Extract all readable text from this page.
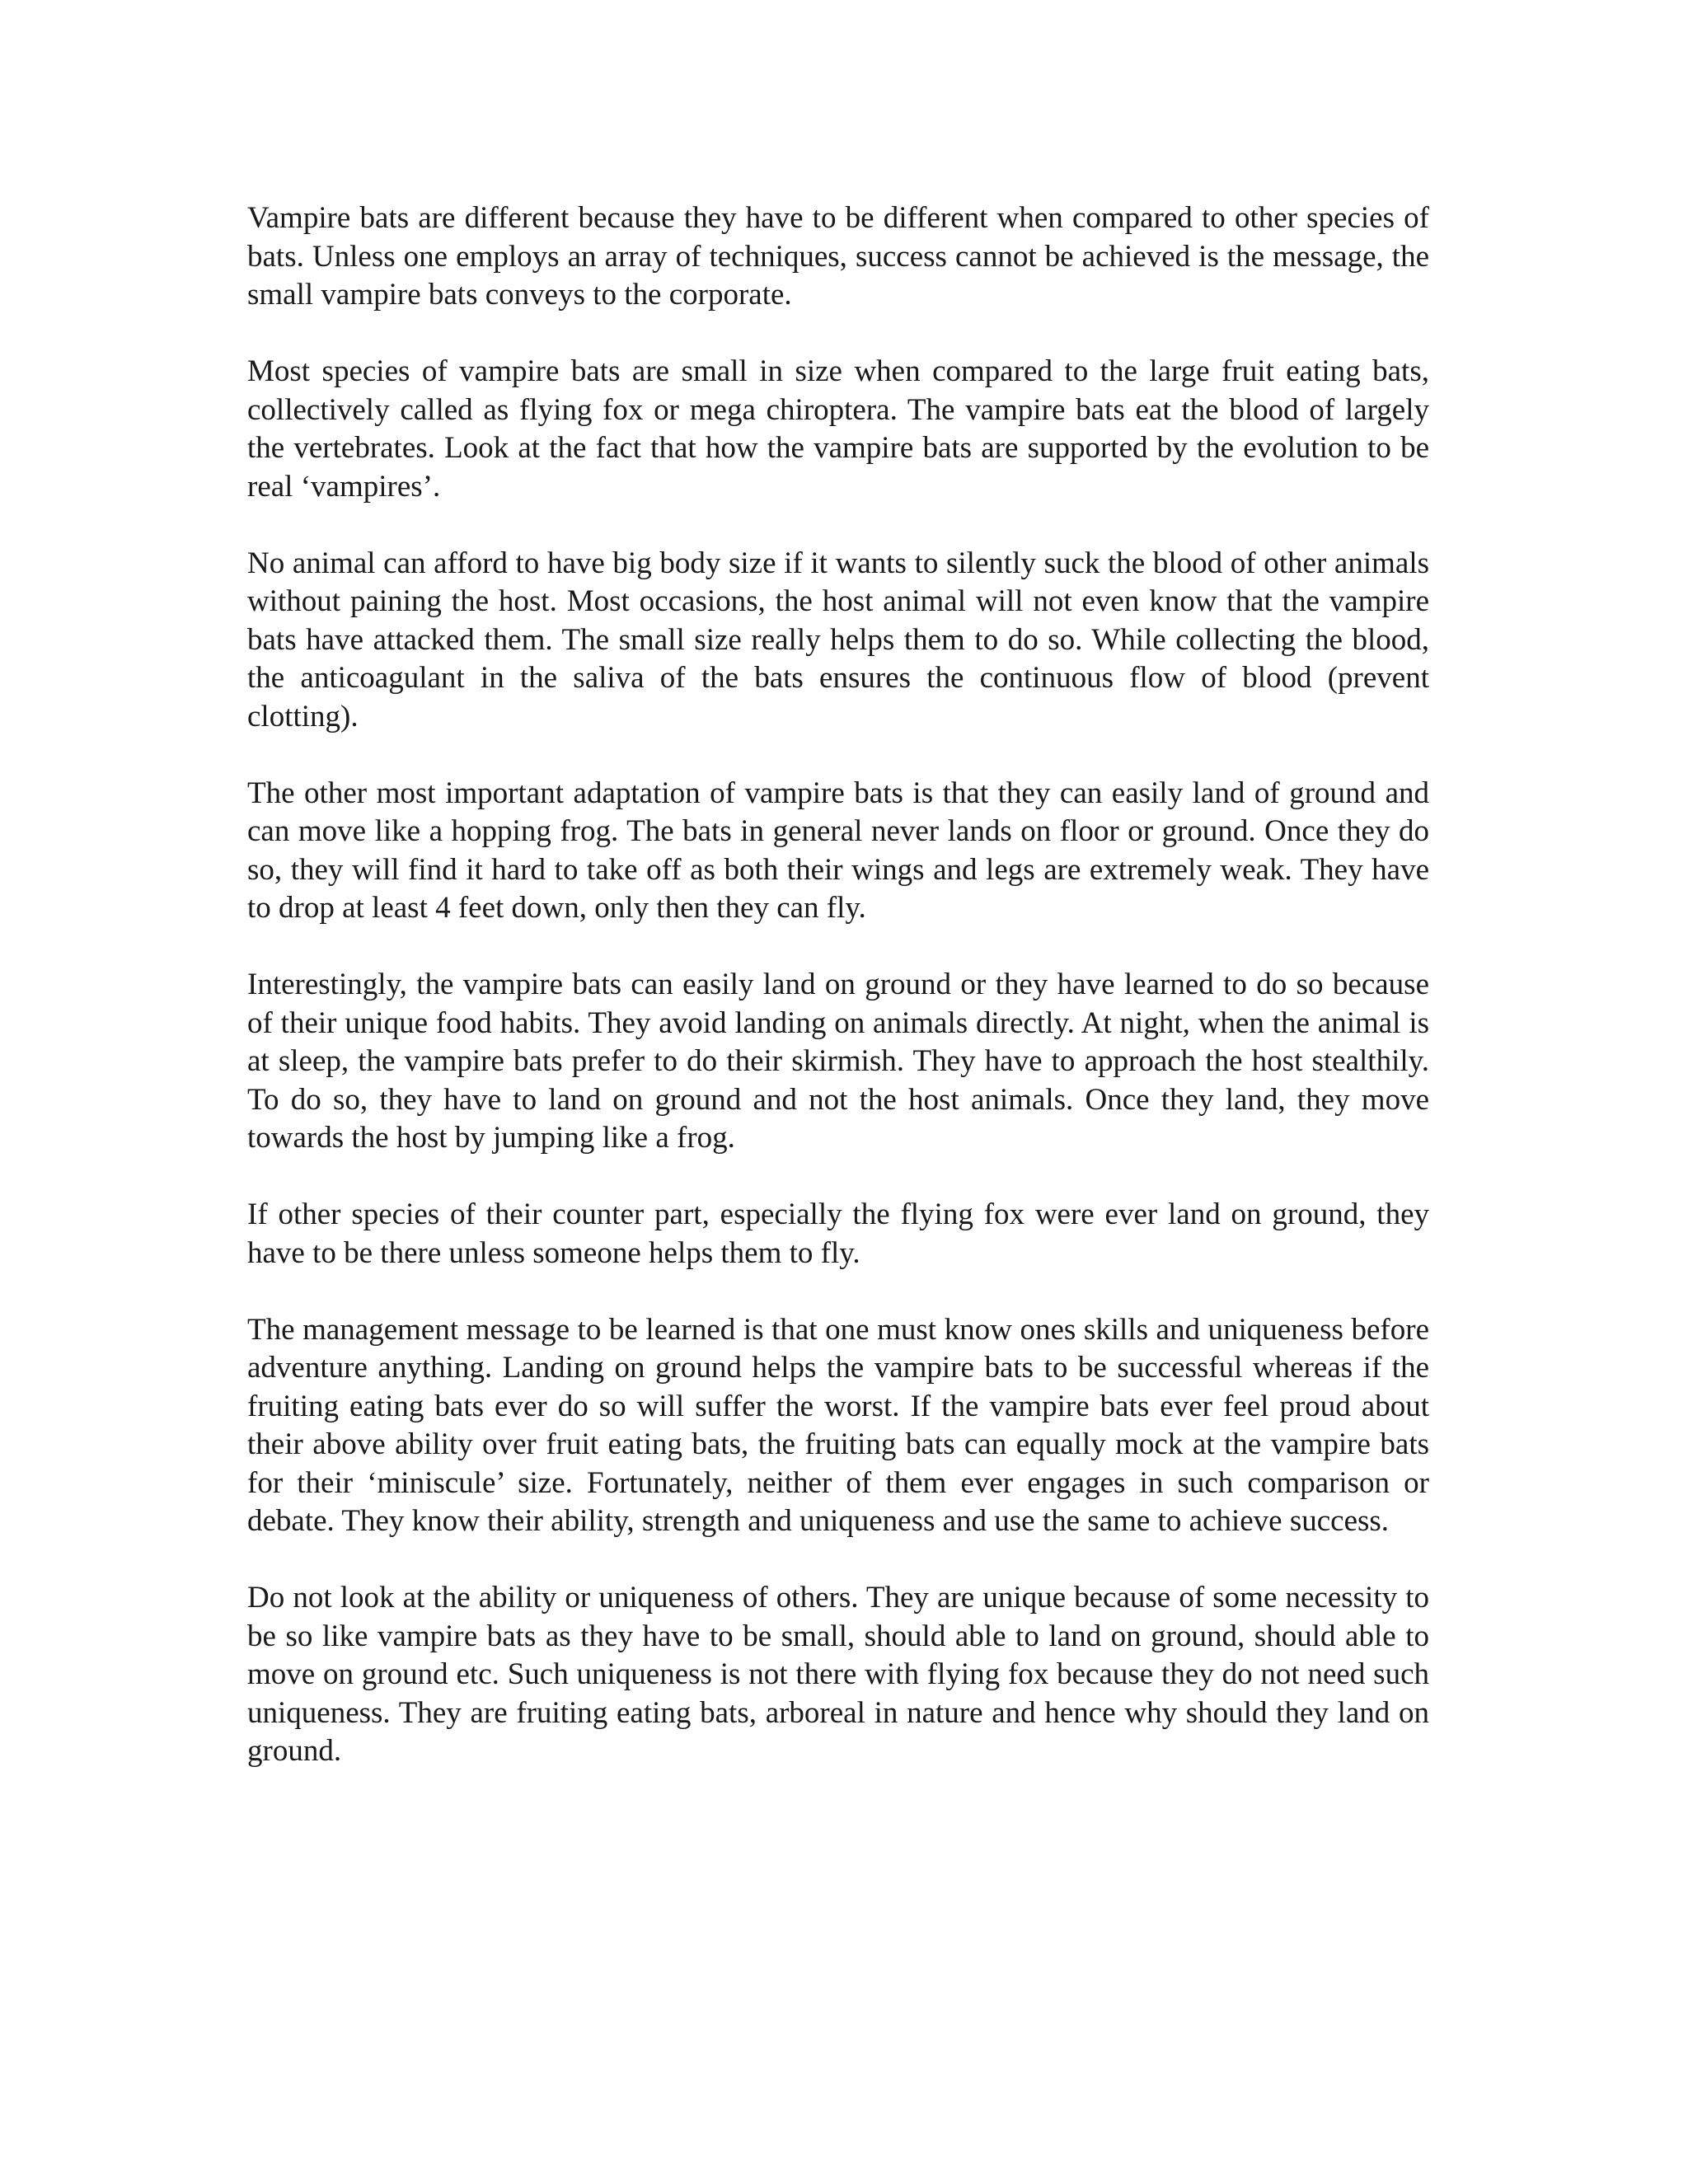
Vampire bats are different because they have to be different when compared to other species of bats. Unless one employs an array of techniques, success cannot be achieved is the message, the small vampire bats conveys to the corporate.

Most species of vampire bats are small in size when compared to the large fruit eating bats, collectively called as flying fox or mega chiroptera. The vampire bats eat the blood of largely the vertebrates. Look at the fact that how the vampire bats are supported by the evolution to be real ‘vampires’.

No animal can afford to have big body size if it wants to silently suck the blood of other animals without paining the host. Most occasions, the host animal will not even know that the vampire bats have attacked them. The small size really helps them to do so. While collecting the blood, the anticoagulant in the saliva of the bats ensures the continuous flow of blood (prevent clotting).

The other most important adaptation of vampire bats is that they can easily land of ground and can move like a hopping frog. The bats in general never lands on floor or ground. Once they do so, they will find it hard to take off as both their wings and legs are extremely weak. They have to drop at least 4 feet down, only then they can fly.

Interestingly, the vampire bats can easily land on ground or they have learned to do so because of their unique food habits. They avoid landing on animals directly. At night, when the animal is at sleep, the vampire bats prefer to do their skirmish. They have to approach the host stealthily. To do so, they have to land on ground and not the host animals. Once they land, they move towards the host by jumping like a frog.

If other species of their counter part, especially the flying fox were ever land on ground, they have to be there unless someone helps them to fly.

The management message to be learned is that one must know ones skills and uniqueness before adventure anything. Landing on ground helps the vampire bats to be successful whereas if the fruiting eating bats ever do so will suffer the worst. If the vampire bats ever feel proud about their above ability over fruit eating bats, the fruiting bats can equally mock at the vampire bats for their ‘miniscule’ size. Fortunately, neither of them ever engages in such comparison or debate. They know their ability, strength and uniqueness and use the same to achieve success.

Do not look at the ability or uniqueness of others. They are unique because of some necessity to be so like vampire bats as they have to be small, should able to land on ground, should able to move on ground etc. Such uniqueness is not there with flying fox because they do not need such uniqueness. They are fruiting eating bats, arboreal in nature and hence why should they land on ground.
